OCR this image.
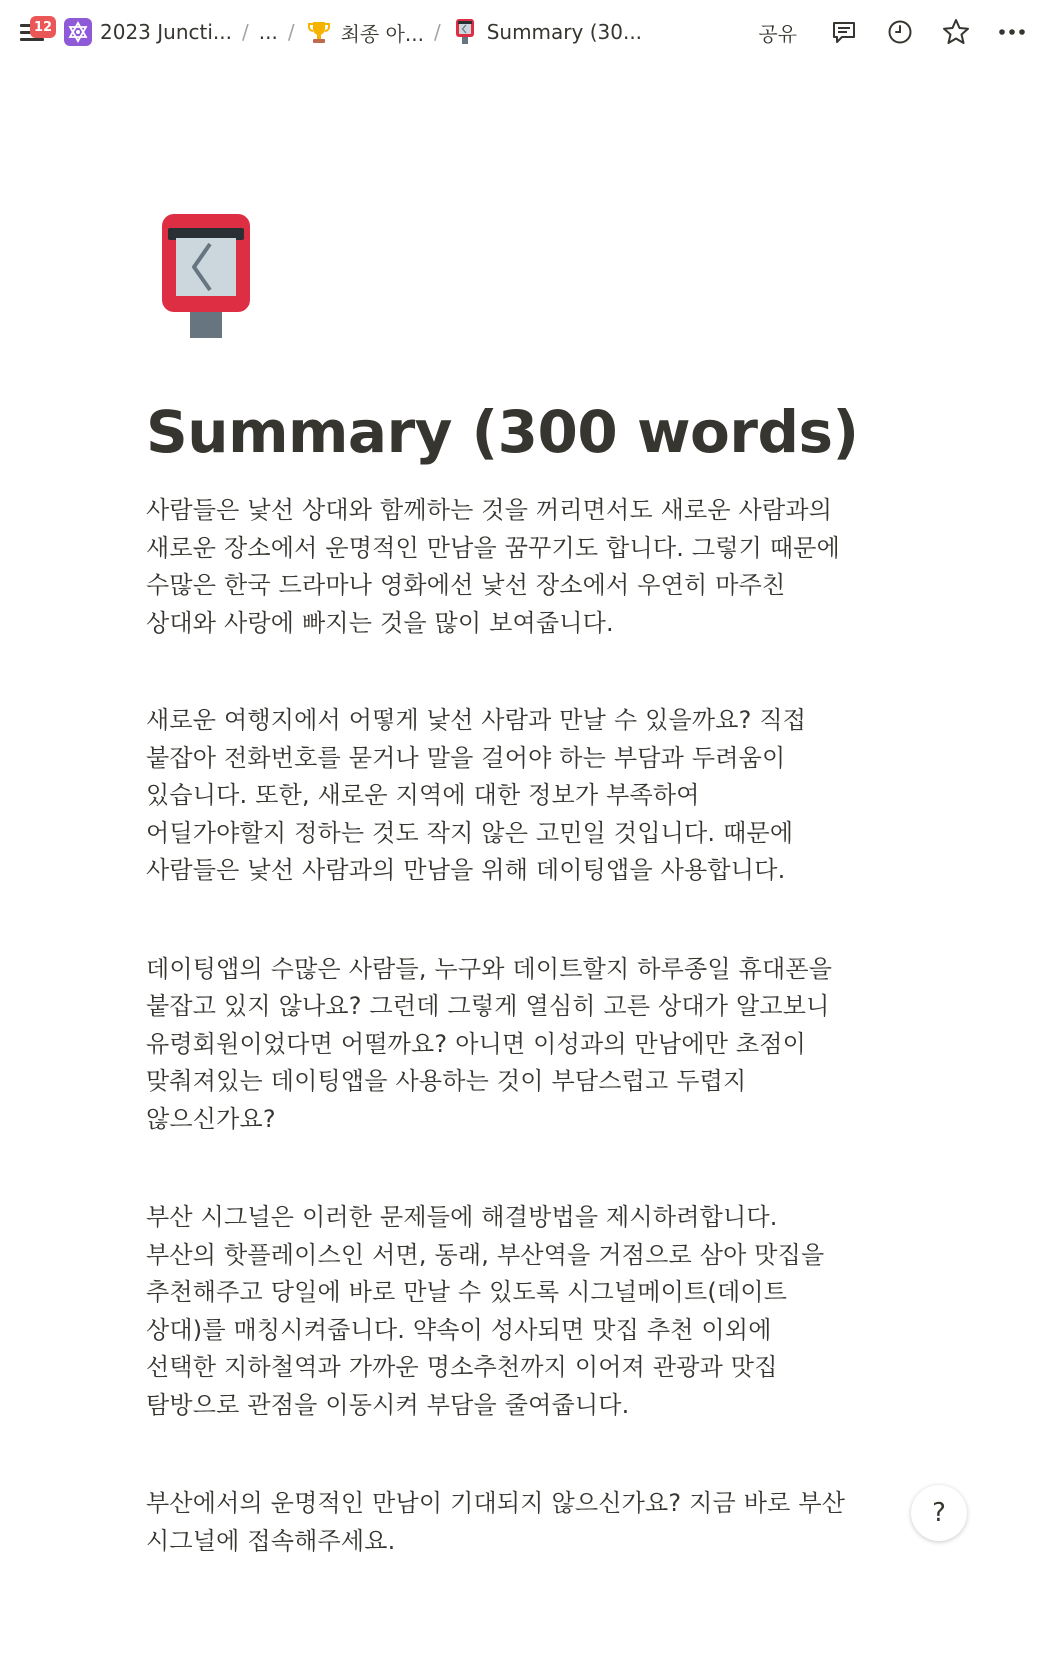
12 2023 Juncti... / ... / 최종 아... / Summary (30...	공유
Summary (300 words)

사람들은 낯선 상대와 함께하는 것을 꺼리면서도 새로운 사람과의 새로운 장소에서 운명적인 만남을 꿈꾸기도 합니다. 그렇기 때문에 수많은 한국 드라마나 영화에선 낯선 장소에서 우연히 마주친 상대와 사랑에 빠지는 것을 많이 보여줍니다.

새로운 여행지에서 어떻게 낯선 사람과 만날 수 있을까요? 직접 붙잡아 전화번호를 묻거나 말을 걸어야 하는 부담과 두려움이 있습니다. 또한, 새로운 지역에 대한 정보가 부족하여 어딜가야할지 정하는 것도 작지 않은 고민일 것입니다. 때문에 사람들은 낯선 사람과의 만남을 위해 데이팅앱을 사용합니다.

데이팅앱의 수많은 사람들, 누구와 데이트할지 하루종일 휴대폰을 붙잡고 있지 않나요? 그런데 그렇게 열심히 고른 상대가 알고보니 유령회원이었다면 어떨까요? 아니면 이성과의 만남에만 초점이 맞춰져있는 데이팅앱을 사용하는 것이 부담스럽고 두렵지 않으신가요?

부산 시그널은 이러한 문제들에 해결방법을 제시하려합니다. 부산의 핫플레이스인 서면, 동래, 부산역을 거점으로 삼아 맛집을 추천해주고 당일에 바로 만날 수 있도록 시그널메이트(데이트 상대)를 매칭시켜줍니다. 약속이 성사되면 맛집 추천 이외에 선택한 지하철역과 가까운 명소추천까지 이어져 관광과 맛집 탐방으로 관점을 이동시켜 부담을 줄여줍니다.

부산에서의 운명적인 만남이 기대되지 않으신가요? 지금 바로 부산 시그널에 접속해주세요.

?
